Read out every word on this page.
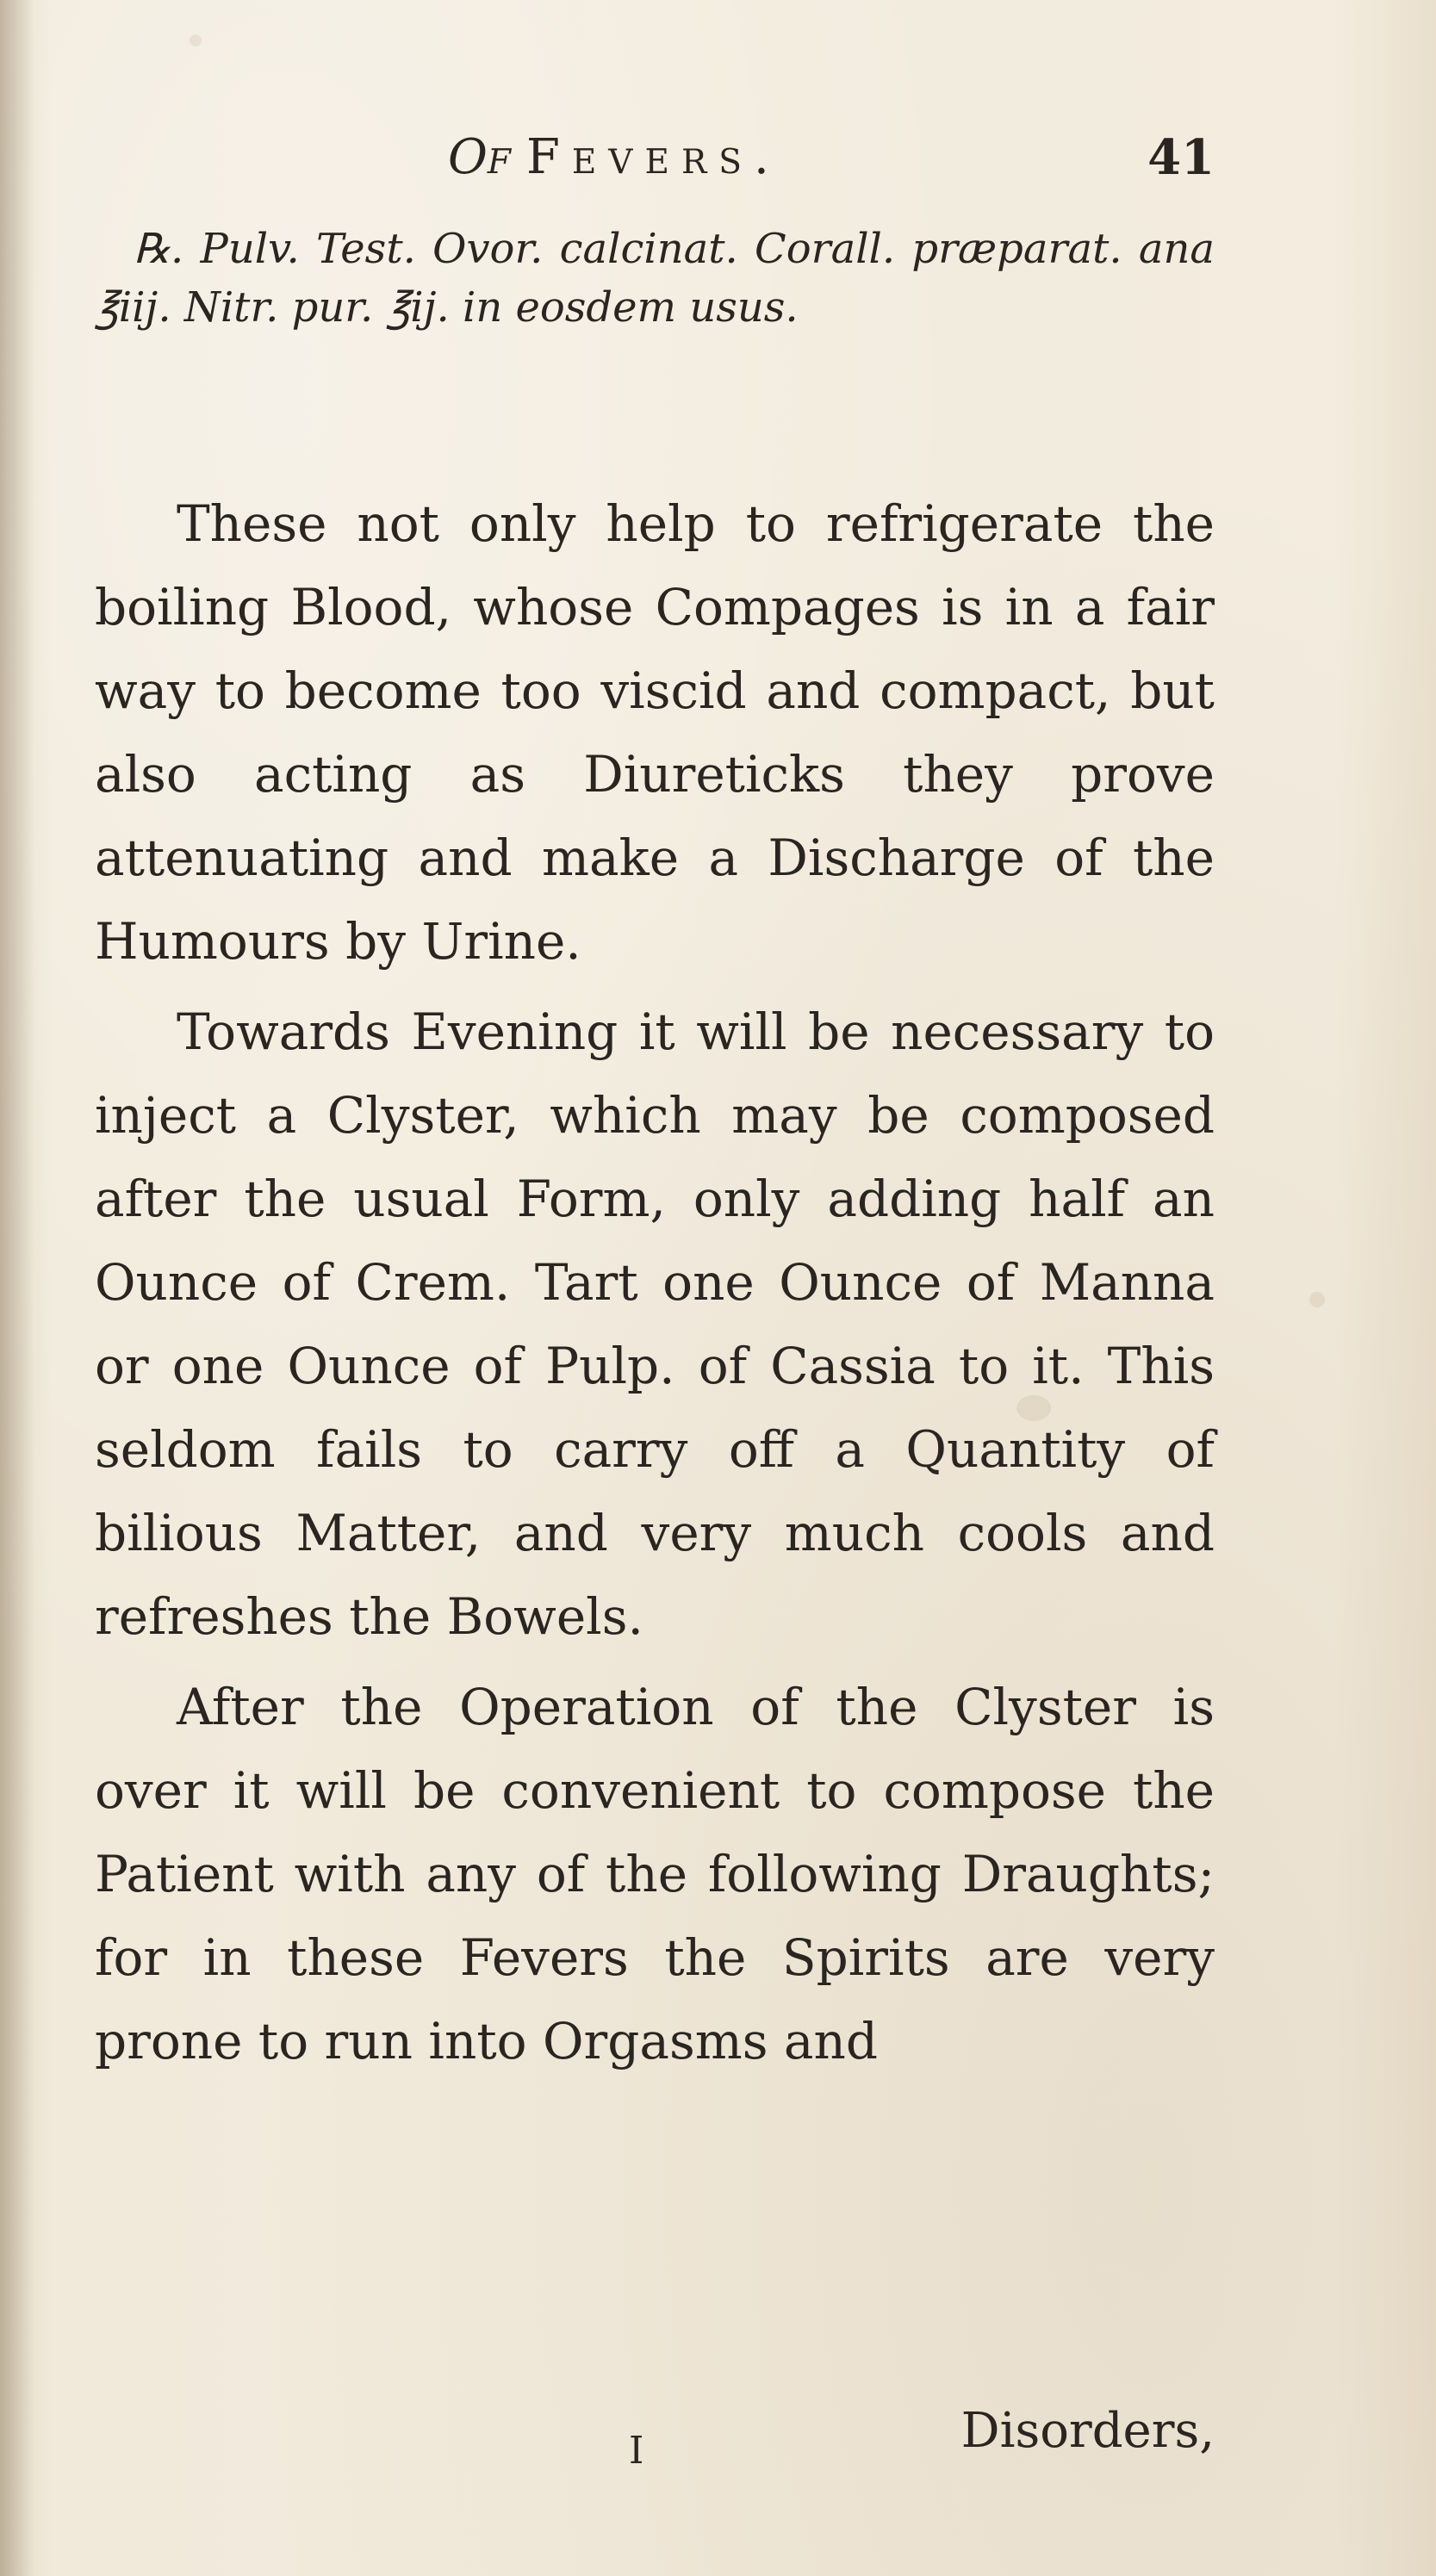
Of Fevers.	41
℞. Pulv. Test. Ovor. calcinat. Corall. præparat. ana ℥iij. Nitr. pur. ℥ij. in eosdem usus.

These not only help to refrigerate the boiling Blood, whose Compages is in a fair way to become too viscid and compact, but also acting as Diureticks they prove attenuating and make a Discharge of the Humours by Urine.

Towards Evening it will be necessary to inject a Clyster, which may be composed after the usual Form, only adding half an Ounce of Crem. Tart one Ounce of Manna or one Ounce of Pulp. of Cassia to it. This seldom fails to carry off a Quantity of bilious Matter, and very much cools and refreshes the Bowels.

After the Operation of the Clyster is over it will be convenient to compose the Patient with any of the following Draughts; for in these Fevers the Spirits are very prone to run into Orgasms and

I	Disorders,
